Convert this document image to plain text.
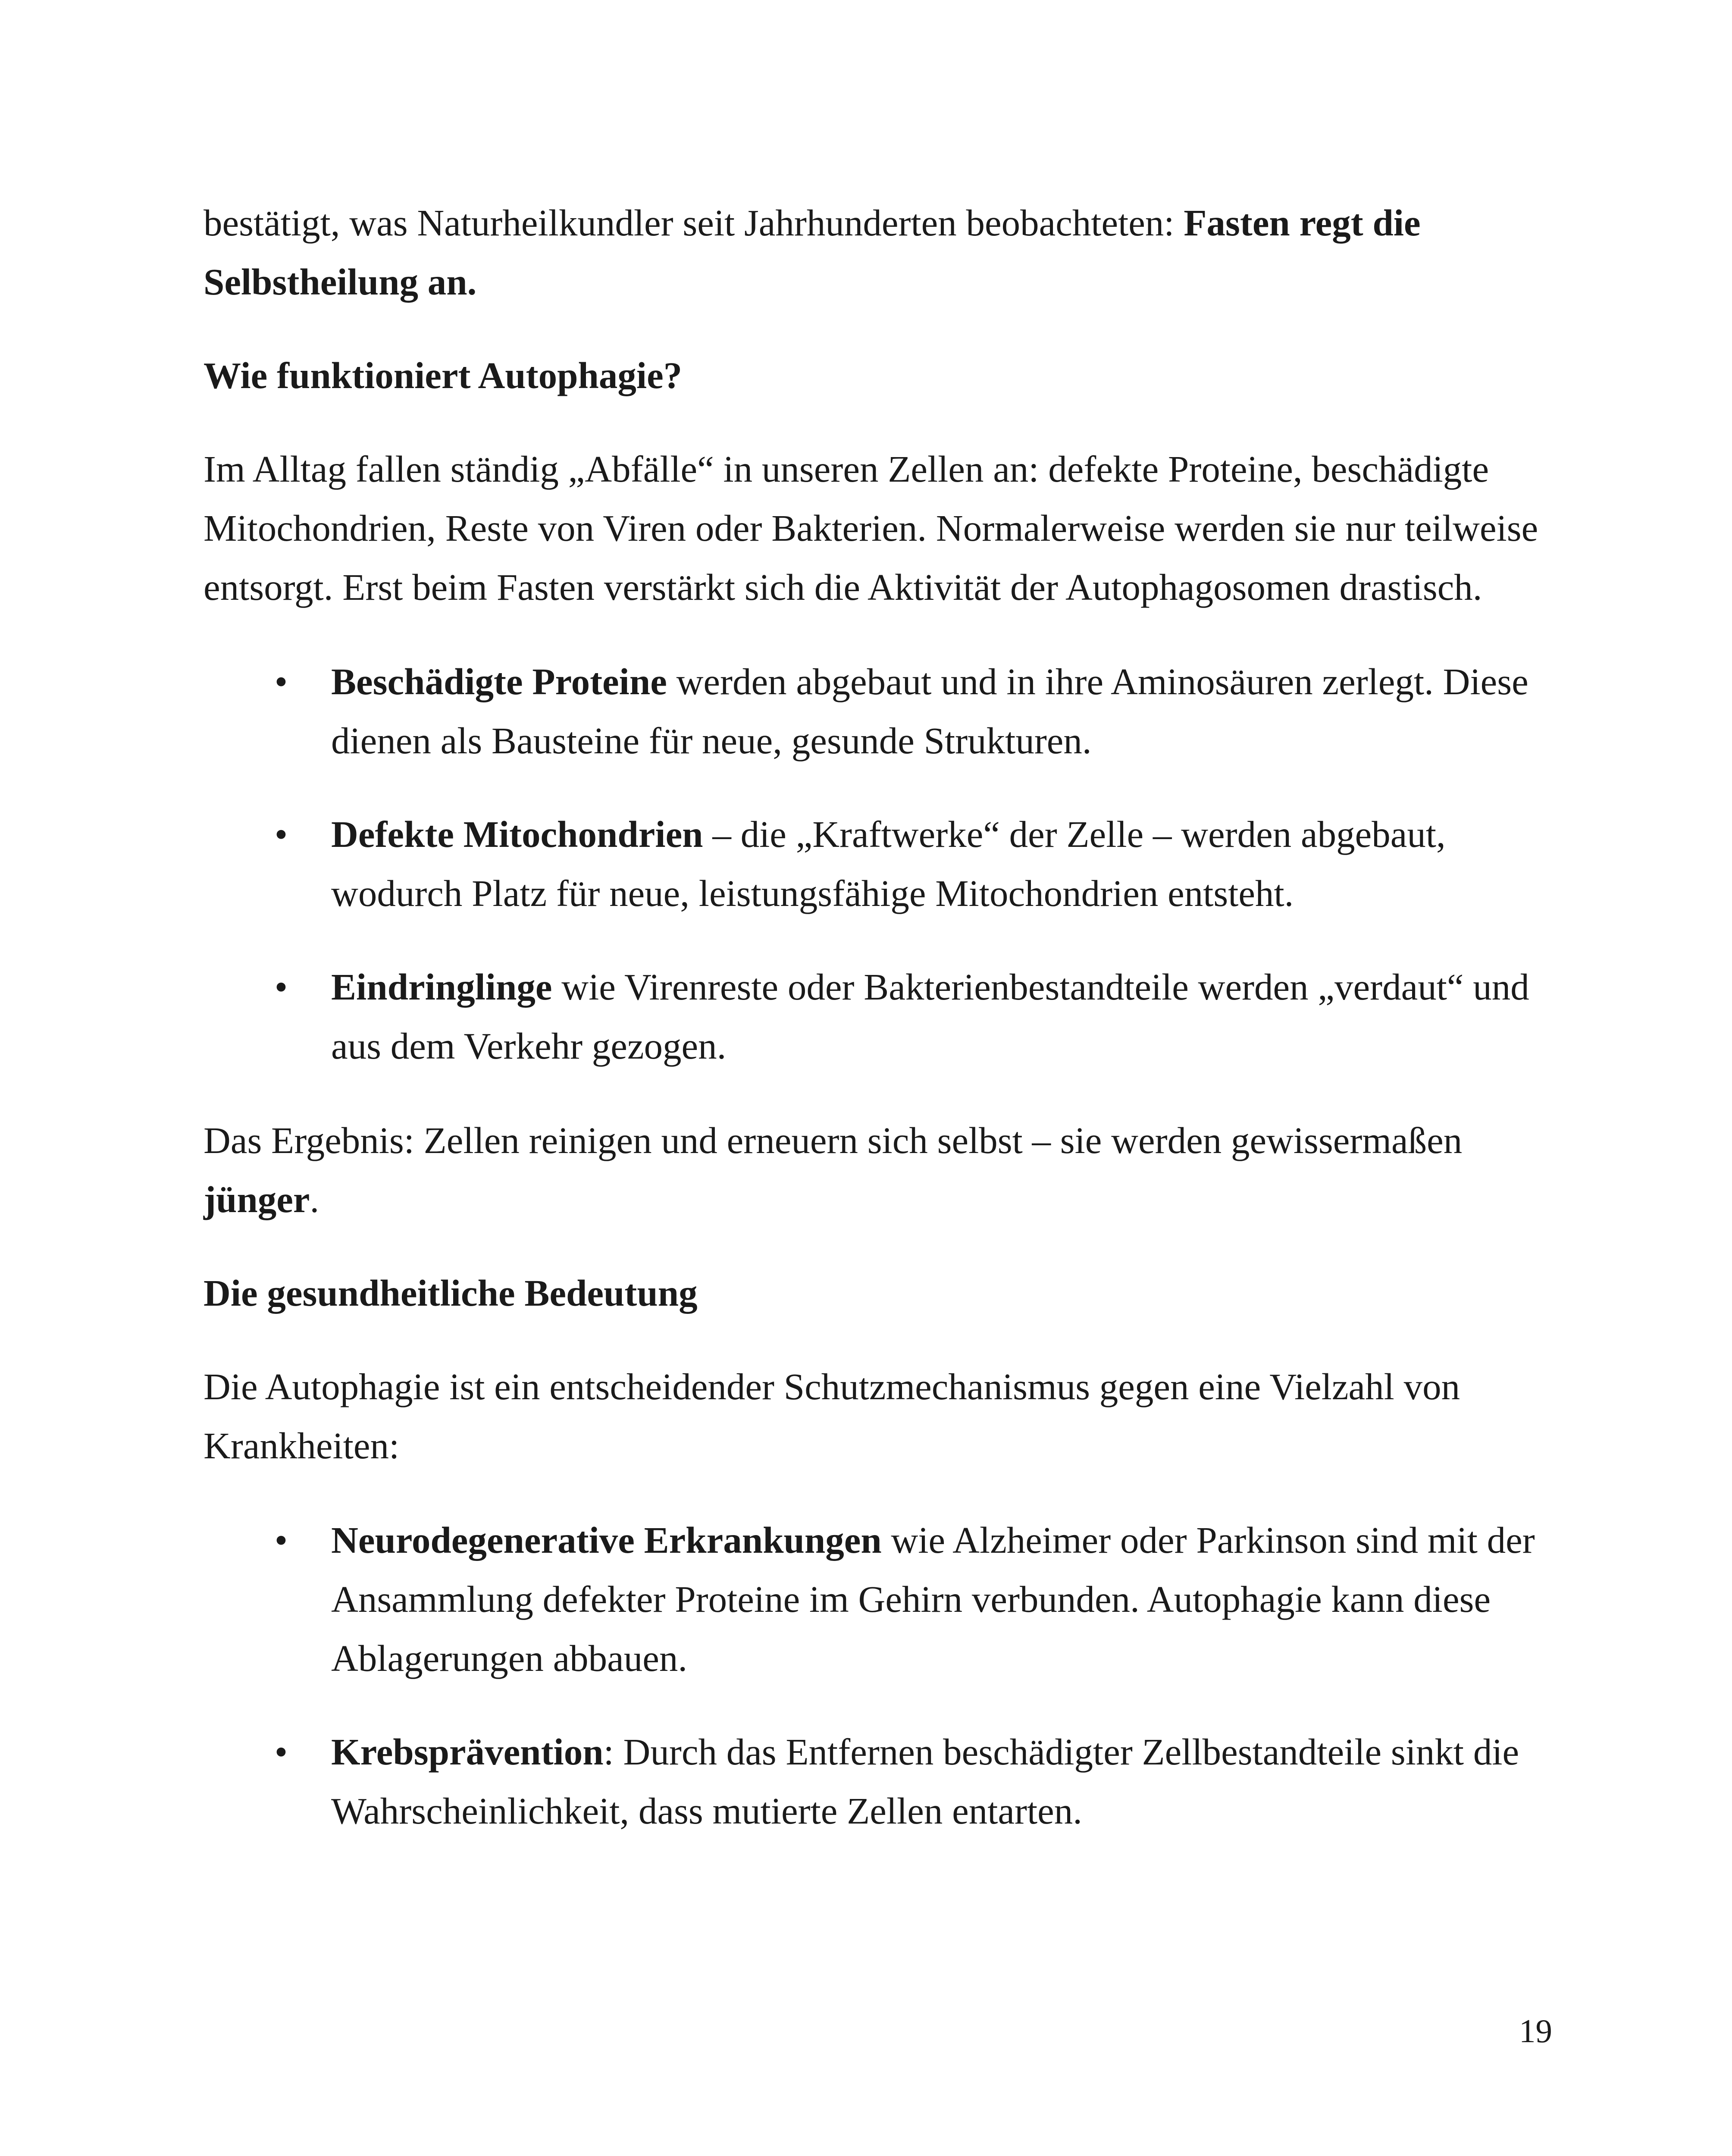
bestätigt, was Naturheilkundler seit Jahrhunderten beobachteten: Fasten regt die Selbstheilung an.

Wie funktioniert Autophagie?

Im Alltag fallen ständig „Abfälle“ in unseren Zellen an: defekte Proteine, beschädigte Mitochondrien, Reste von Viren oder Bakterien. Normalerweise werden sie nur teilweise entsorgt. Erst beim Fasten verstärkt sich die Aktivität der Autophagosomen drastisch.

• Beschädigte Proteine werden abgebaut und in ihre Aminosäuren zerlegt. Diese dienen als Bausteine für neue, gesunde Strukturen.
• Defekte Mitochondrien – die „Kraftwerke“ der Zelle – werden abgebaut, wodurch Platz für neue, leistungsfähige Mitochondrien entsteht.
• Eindringlinge wie Virenreste oder Bakterienbestandteile werden „verdaut“ und aus dem Verkehr gezogen.

Das Ergebnis: Zellen reinigen und erneuern sich selbst – sie werden gewissermaßen jünger.

Die gesundheitliche Bedeutung

Die Autophagie ist ein entscheidender Schutzmechanismus gegen eine Vielzahl von Krankheiten:

• Neurodegenerative Erkrankungen wie Alzheimer oder Parkinson sind mit der Ansammlung defekter Proteine im Gehirn verbunden. Autophagie kann diese Ablagerungen abbauen.
• Krebsprävention: Durch das Entfernen beschädigter Zellbestandteile sinkt die Wahrscheinlichkeit, dass mutierte Zellen entarten.
19
